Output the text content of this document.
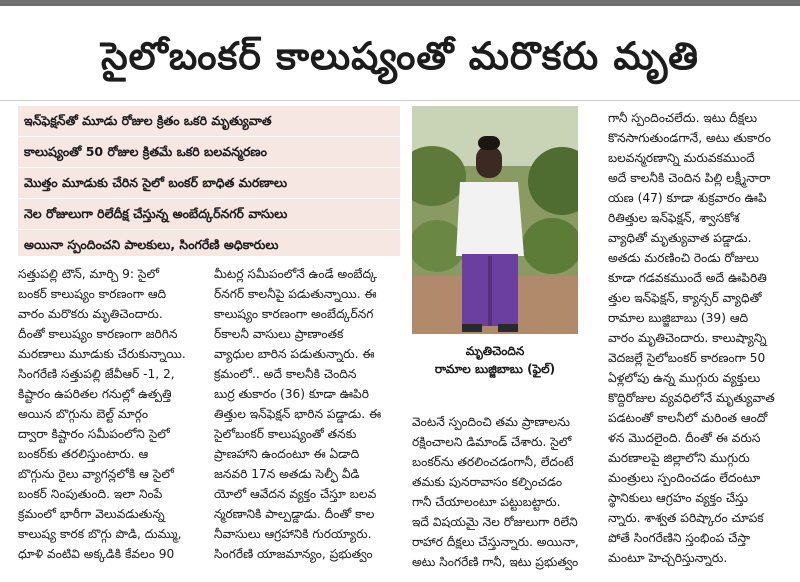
సైలోబంకర్ కాలుష్యంతో మరొకరు మృతి
ఇన్‌ఫెక్షన్‌తో మూడు రోజుల క్రితం ఒకరి మృత్యువాత
కాలుష్యంతో 50 రోజుల క్రితమే ఒకరి బలవన్మరణం
మొత్తం మూడుకు చేరిన సైలో బంకర్ బాధిత మరణాలు
నెల రోజులుగా రిలేదీక్ష చేస్తున్న అంబేద్కర్‌నగర్ వాసులు
అయినా స్పందించని పాలకులు, సింగరేణి అధికారులు
సత్తుపల్లి టౌన్, మార్చి 9: సైలో
బంకర్ కాలుష్యం కారణంగా ఆది
వారం మరొకరు మృతిచెందారు.
దీంతో కాలుష్యం కారణంగా జరిగిన
మరణాలు మూడుకు చేరుకున్నాయి.
సింగరేణి సత్తుపల్లి జేవీఆర్ -1, 2,
కిష్టారం ఉపరితల గనుల్లో ఉత్పత్తి
అయిన బొగ్గును బెల్ట్ మార్గం
ద్వారా కిష్టారం సమీపంలోని సైలో
బంకర్‌కు తరలిస్తుంటారు. ఆ
బొగ్గును రైలు వ్యాగన్లలోకి ఆ సైలో
బంకర్ నింపుతుంది. ఇలా నింపే
క్రమంలో భారీగా వెలువడుతున్న
కాలుష్య కారక బొగ్గు పొడి, దుమ్ము,
ధూళి వంటివి అక్కడికి కేవలం 90
మీటర్ల సమీపంలోనే ఉండే అంబేద్క
ర్‌నగర్ కాలనీపై పడుతున్నాయి. ఈ
కాలుష్యం కారణంగా అంబేద్కర్‌నగ
ర్‌కాలనీ వాసులు ప్రాణాంతక
వ్యాధుల బారిన పడుతున్నారు. ఈ
క్రమంలో.. అదే కాలనీకి చెందిన
బుర్ర తుకారం (36) కూడా ఊపిరి
తిత్తుల ఇన్‌ఫెక్షన్ భారిన పడ్డాడు. ఈ
సైలోబంకర్ కాలుష్యంతో తనకు
ప్రాణహాని ఉందంటూ ఈ ఏడాది
జనవరి 17న అతడు సెల్ఫీ వీడి
యోలో ఆవేదన వ్యక్తం చేస్తూ బలవ
న్మరణానికి పాల్పడ్డాడు. దీంతో కాల
నీవాసులు ఆగ్రహానికి గురయ్యారు.
సింగరేణి యాజమాన్యం, ప్రభుత్వం
మృతిచెందిన
రామాల బుజ్జిబాబు (ఫైల్)
వెంటనే స్పందించి తమ ప్రాణాలను
రక్షించాలని డిమాండ్ చేశారు. సైలో
బంకర్‌ను తరలించడంగానీ, లేదంటే
తమకు పునరావాసం కల్పించడం
గానీ చేయాలంటూ పట్టుబట్టారు.
ఇదే విషయమై నెల రోజులుగా రిలేని
రాహార దీక్షలు చేస్తున్నారు. అయినా,
అటు సింగరేణి గానీ, ఇటు ప్రభుత్వం
గానీ స్పందించలేదు. ఇటు దీక్షలు
కొనసాగుతుండగానే, అటు తుకారం
బలవన్మరణాన్ని మరువకముందే
అదే కాలనీకి చెందిన పిల్లి లక్ష్మీనారా
యణ (47) కూడా శుక్రవారం ఊపి
రితిత్తుల ఇన్‌ఫెక్షన్, శ్వాసకోశ
వ్యాధితో మృత్యువాత పడ్డాడు.
అతడు మరణించి రెండు రోజులు
కూడా గడవకముందే అదే ఊపిరితి
త్తుల ఇన్‌ఫెక్షన్, క్యాన్సర్ వ్యాధితో
రామాల బుజ్జిబాబు (39) ఆది
వారం మృతిచెందారు. కాలుష్యాన్ని
వెదజల్లే సైలోబంకర్ కారణంగా 50
ఏళ్లలోపు ఉన్న ముగ్గురు వ్యక్తులు
కొద్దిరోజుల వ్యవధిలోనే మృత్యువాత
పడటంతో కాలనీలో మరింత ఆందో
ళన మొదలైంది. దీంతో ఈ వరుస
మరణాలపై జిల్లాలోని ముగ్గురు
మంత్రులు స్పందించడం లేదంటూ
స్థానికులు ఆగ్రహం వ్యక్తం చేస్తు
న్నారు. శాశ్వత పరిష్కారం చూపక
పోతే సింగరేణిని స్తంభింప చేస్తా
మంటూ హెచ్చరిస్తున్నారు.
